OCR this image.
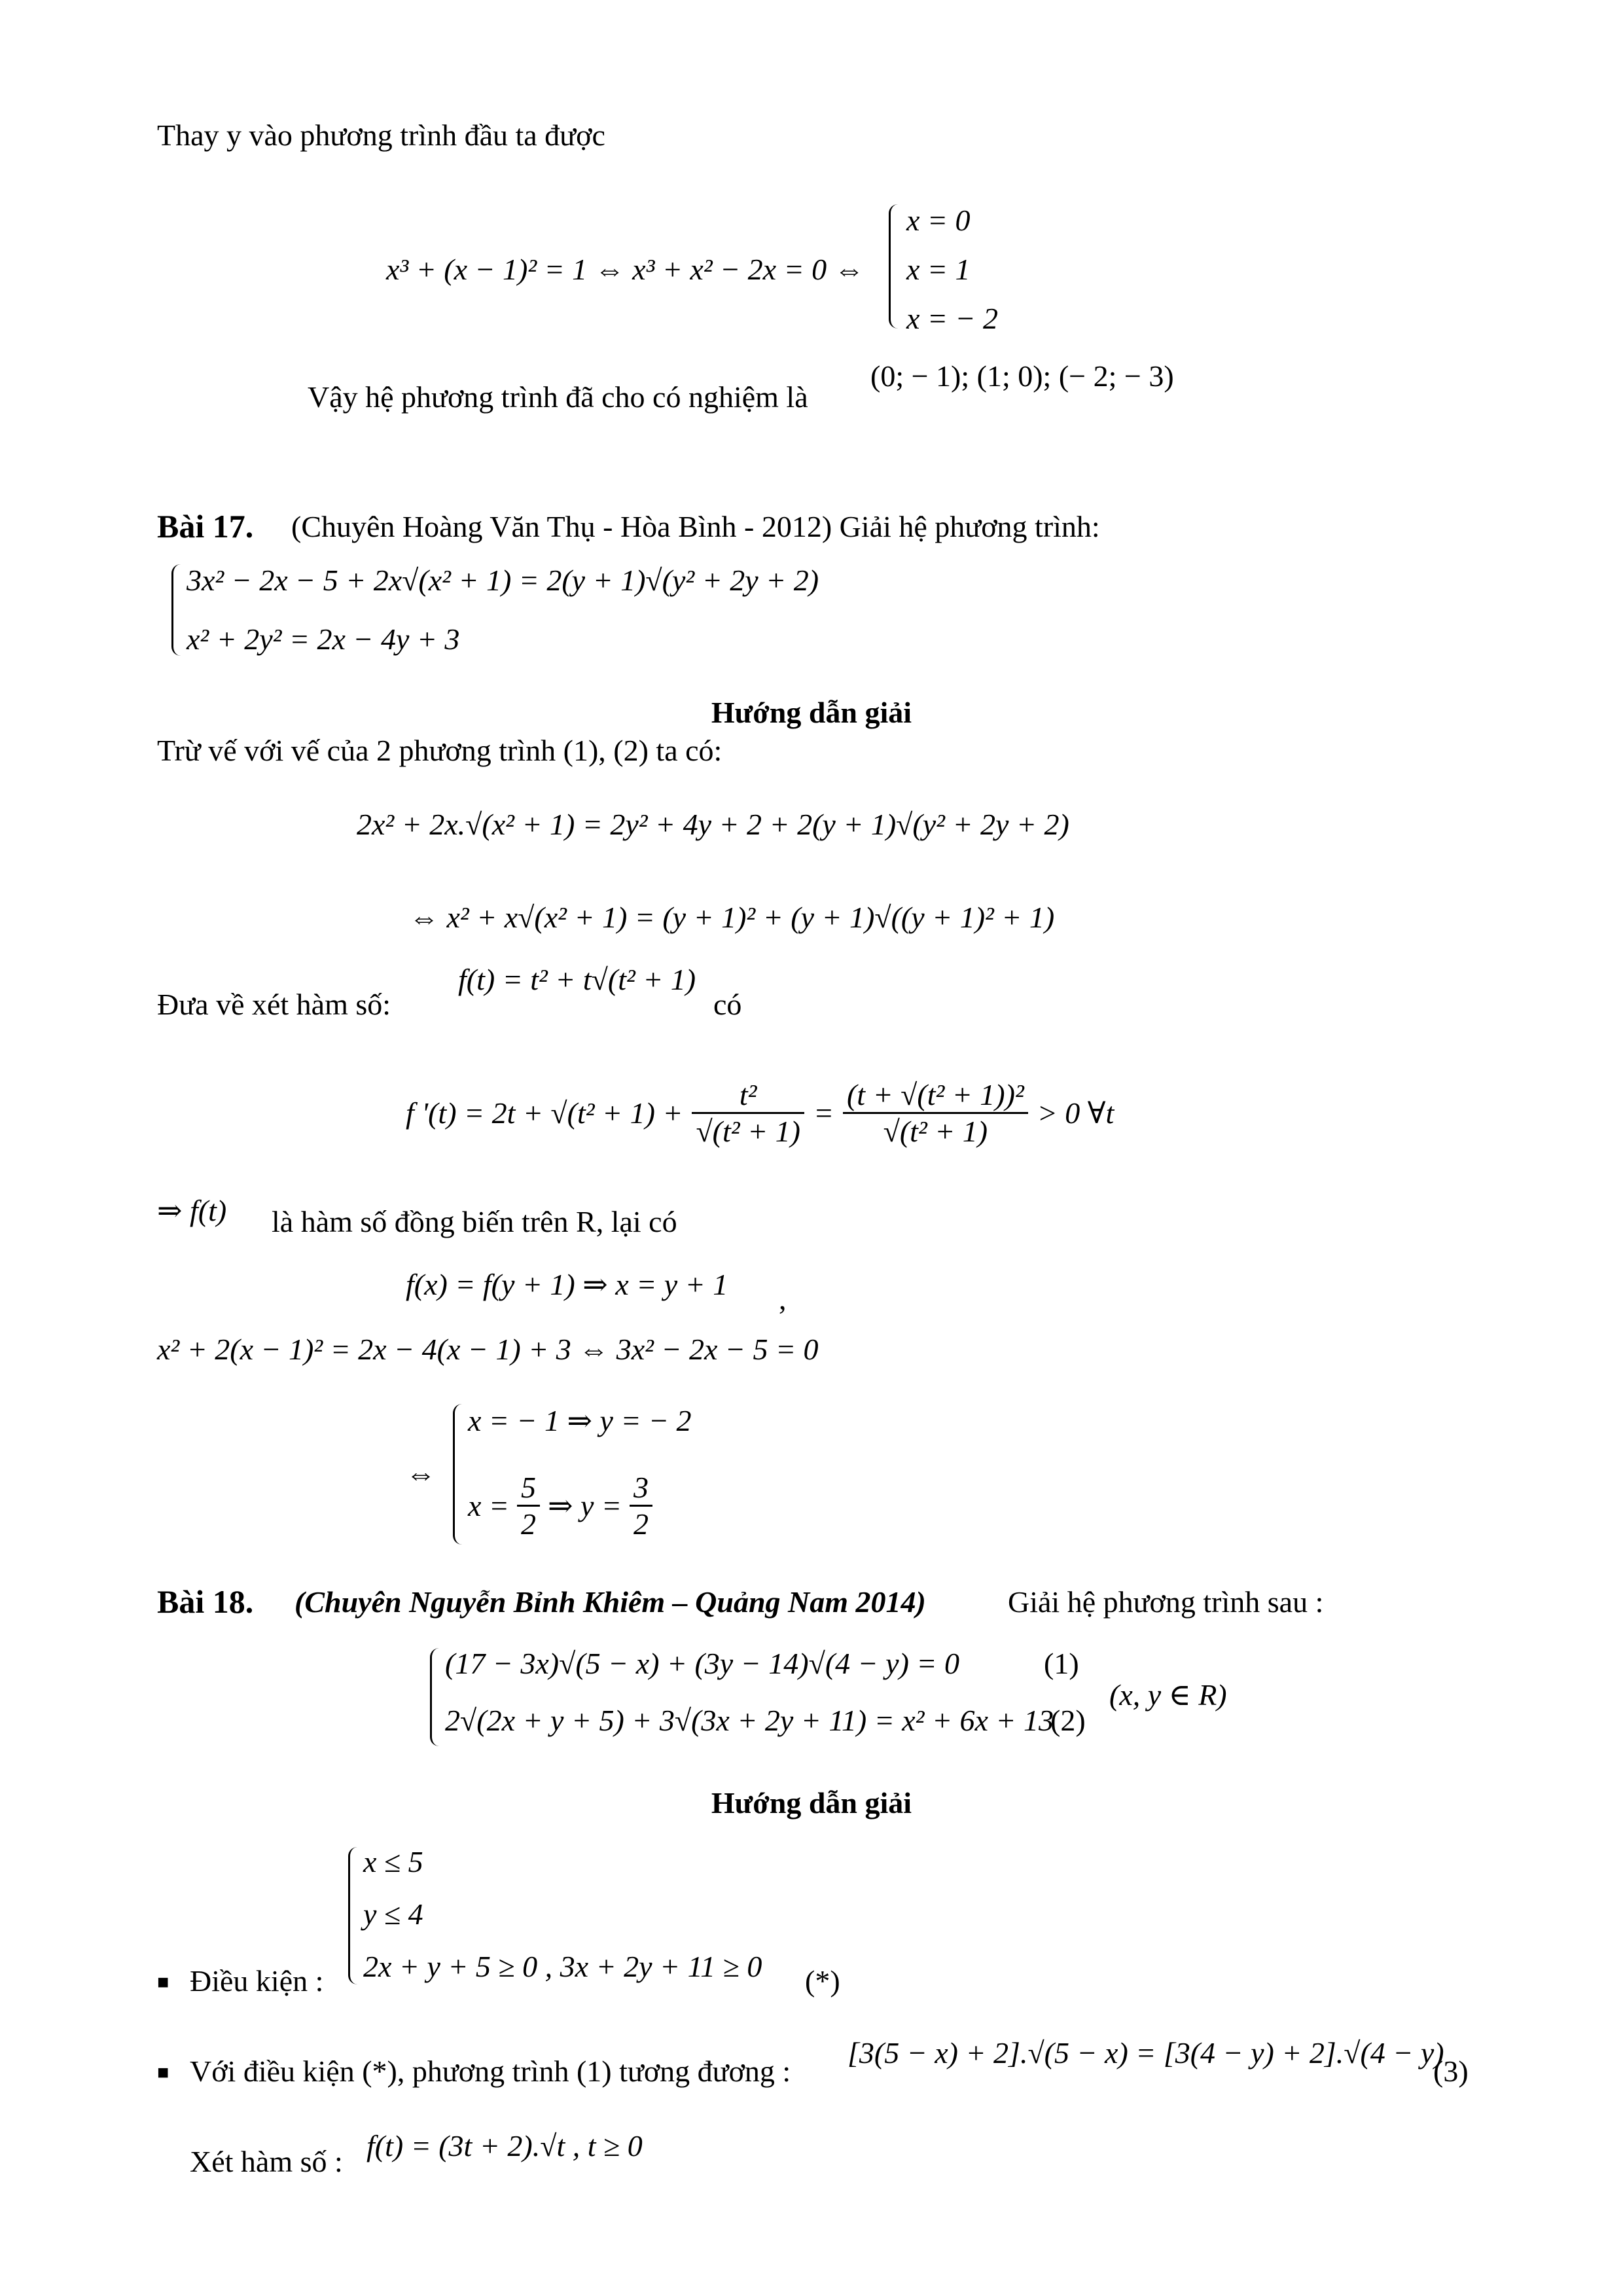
Thay y vào phương trình đầu ta được
x³ + (x − 1)² = 1 ⇔ x³ + x² − 2x = 0 ⇔
x = 0
x = 1
x = − 2
Vậy hệ phương trình đã cho có nghiệm là
(0; − 1); (1; 0); (− 2; − 3)
Bài 17. (Chuyên Hoàng Văn Thụ - Hòa Bình - 2012) Giải hệ phương trình:
3x² − 2x − 5 + 2x√(x² + 1) = 2(y + 1)√(y² + 2y + 2)
x² + 2y² = 2x − 4y + 3
Hướng dẫn giải
Trừ vế với vế của 2 phương trình (1), (2) ta có:
2x² + 2x.√(x² + 1) = 2y² + 4y + 2 + 2(y + 1)√(y² + 2y + 2)
⇔ x² + x√(x² + 1) = (y + 1)² + (y + 1)√((y + 1)² + 1)
Đưa về xét hàm số:
f(t) = t² + t√(t² + 1)
có
f '$(t) = 2t + √(t^2 + 1) + \frac{\text{t²}}{\text{√(t² + 1)}} = \frac{\text{(t + √(t² + 1))²}}{\text{√(t² + 1)}} > 0$ ∀t
⇒ f(t) là hàm số đồng biến trên R, lại có
f(x) = f(y + 1) ⇒ x = y + 1 ,
x² + 2(x − 1)² = 2x − 4(x − 1) + 3 ⇔ 3x² − 2x − 5 = 0
⇔
x = − 1 ⇒ y = − 2
$x = \frac{5}{2}$ ⇒ $y = \frac{3}{2}$
Bài 18. (Chuyên Nguyễn Bỉnh Khiêm – Quảng Nam 2014)	Giải hệ phương trình sau :
(17 − 3x)√(5 − x) + (3y − 14)√(4 − y) = 0	(1)
2√(2x + y + 5) + 3√(3x + 2y + 11) = x² + 6x + 13
(2)
(x, y ∈ R)
Hướng dẫn giải
■ Điều kiện :
x ≤ 5
y ≤ 4
2x + y + 5 ≥ 0 , 3x + 2y + 11 ≥ 0 (*)
■ Với điều kiện (*), phương trình (1) tương đương :
[3(5 − x) + 2].√(5 − x) = [3(4 − y) + 2].√(4 − y)
(3)
Xét hàm số : f(t) = (3t + 2).√t , t ≥ 0
